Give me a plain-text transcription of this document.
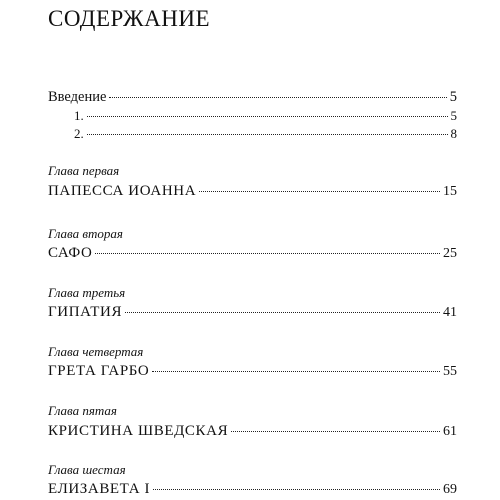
СОДЕРЖАНИЕ
Введение	5
1.	5
2.	8
Глава первая
ПАПЕССА ИОАННА	15
Глава вторая
САФО	25
Глава третья
ГИПАТИЯ	41
Глава четвертая
ГРЕТА ГАРБО	55
Глава пятая
КРИСТИНА ШВЕДСКАЯ	61
Глава шестая
ЕЛИЗАВЕТА I	69
